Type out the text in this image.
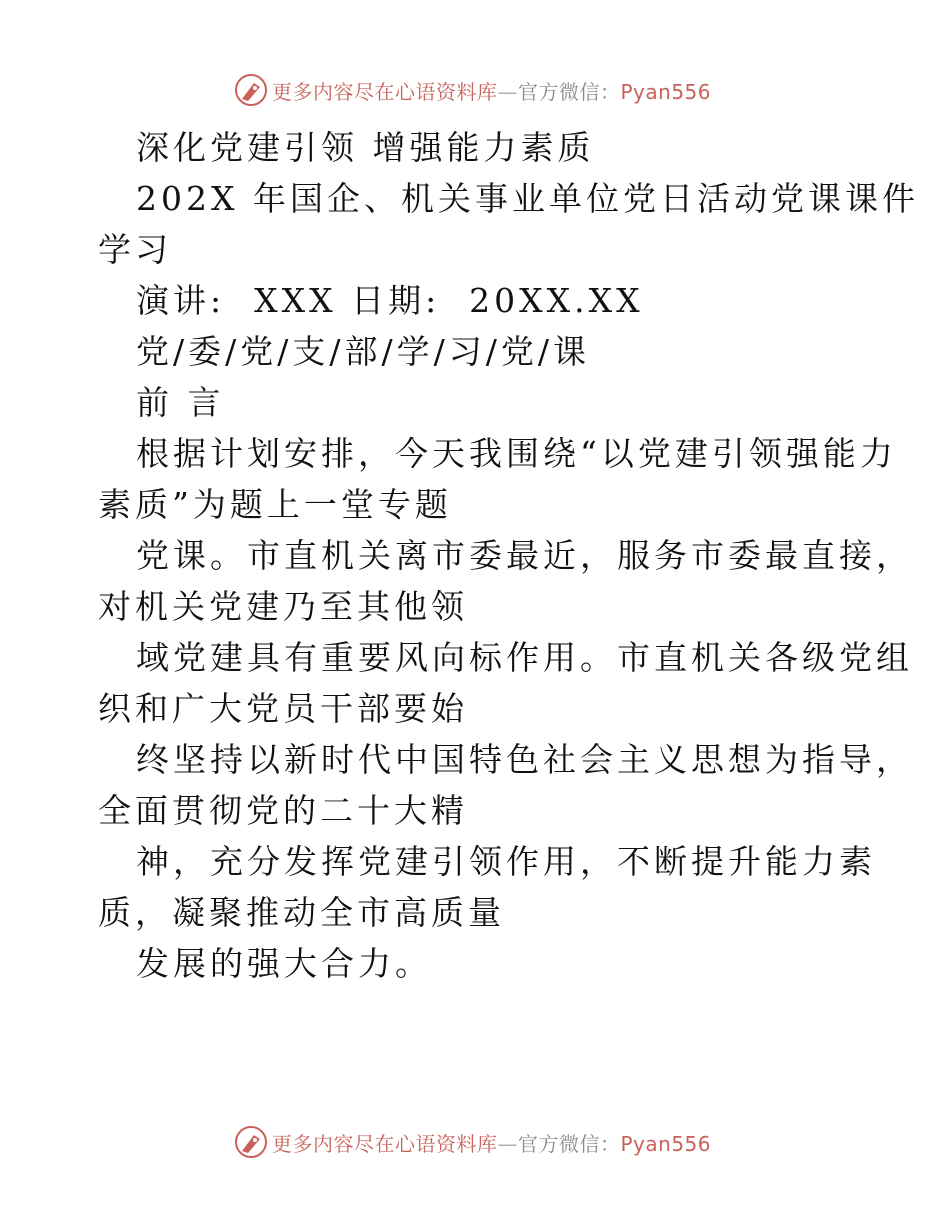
更多内容尽在心语资料库—官方微信：Pyan556
深化党建引领 增强能力素质
202X 年国企、机关事业单位党日活动党课课件
学习
演讲:  XXX 日期:  20XX.XX
党/委/党/支/部/学/习/党/课
前 言
根据计划安排，今天我围绕“以党建引领强能力
素质”为题上一堂专题
党课。市直机关离市委最近，服务市委最直接，
对机关党建乃至其他领
域党建具有重要风向标作用。市直机关各级党组
织和广大党员干部要始
终坚持以新时代中国特色社会主义思想为指导，
全面贯彻党的二十大精
神，充分发挥党建引领作用，不断提升能力素
质，凝聚推动全市高质量
发展的强大合力。
更多内容尽在心语资料库—官方微信：Pyan556
